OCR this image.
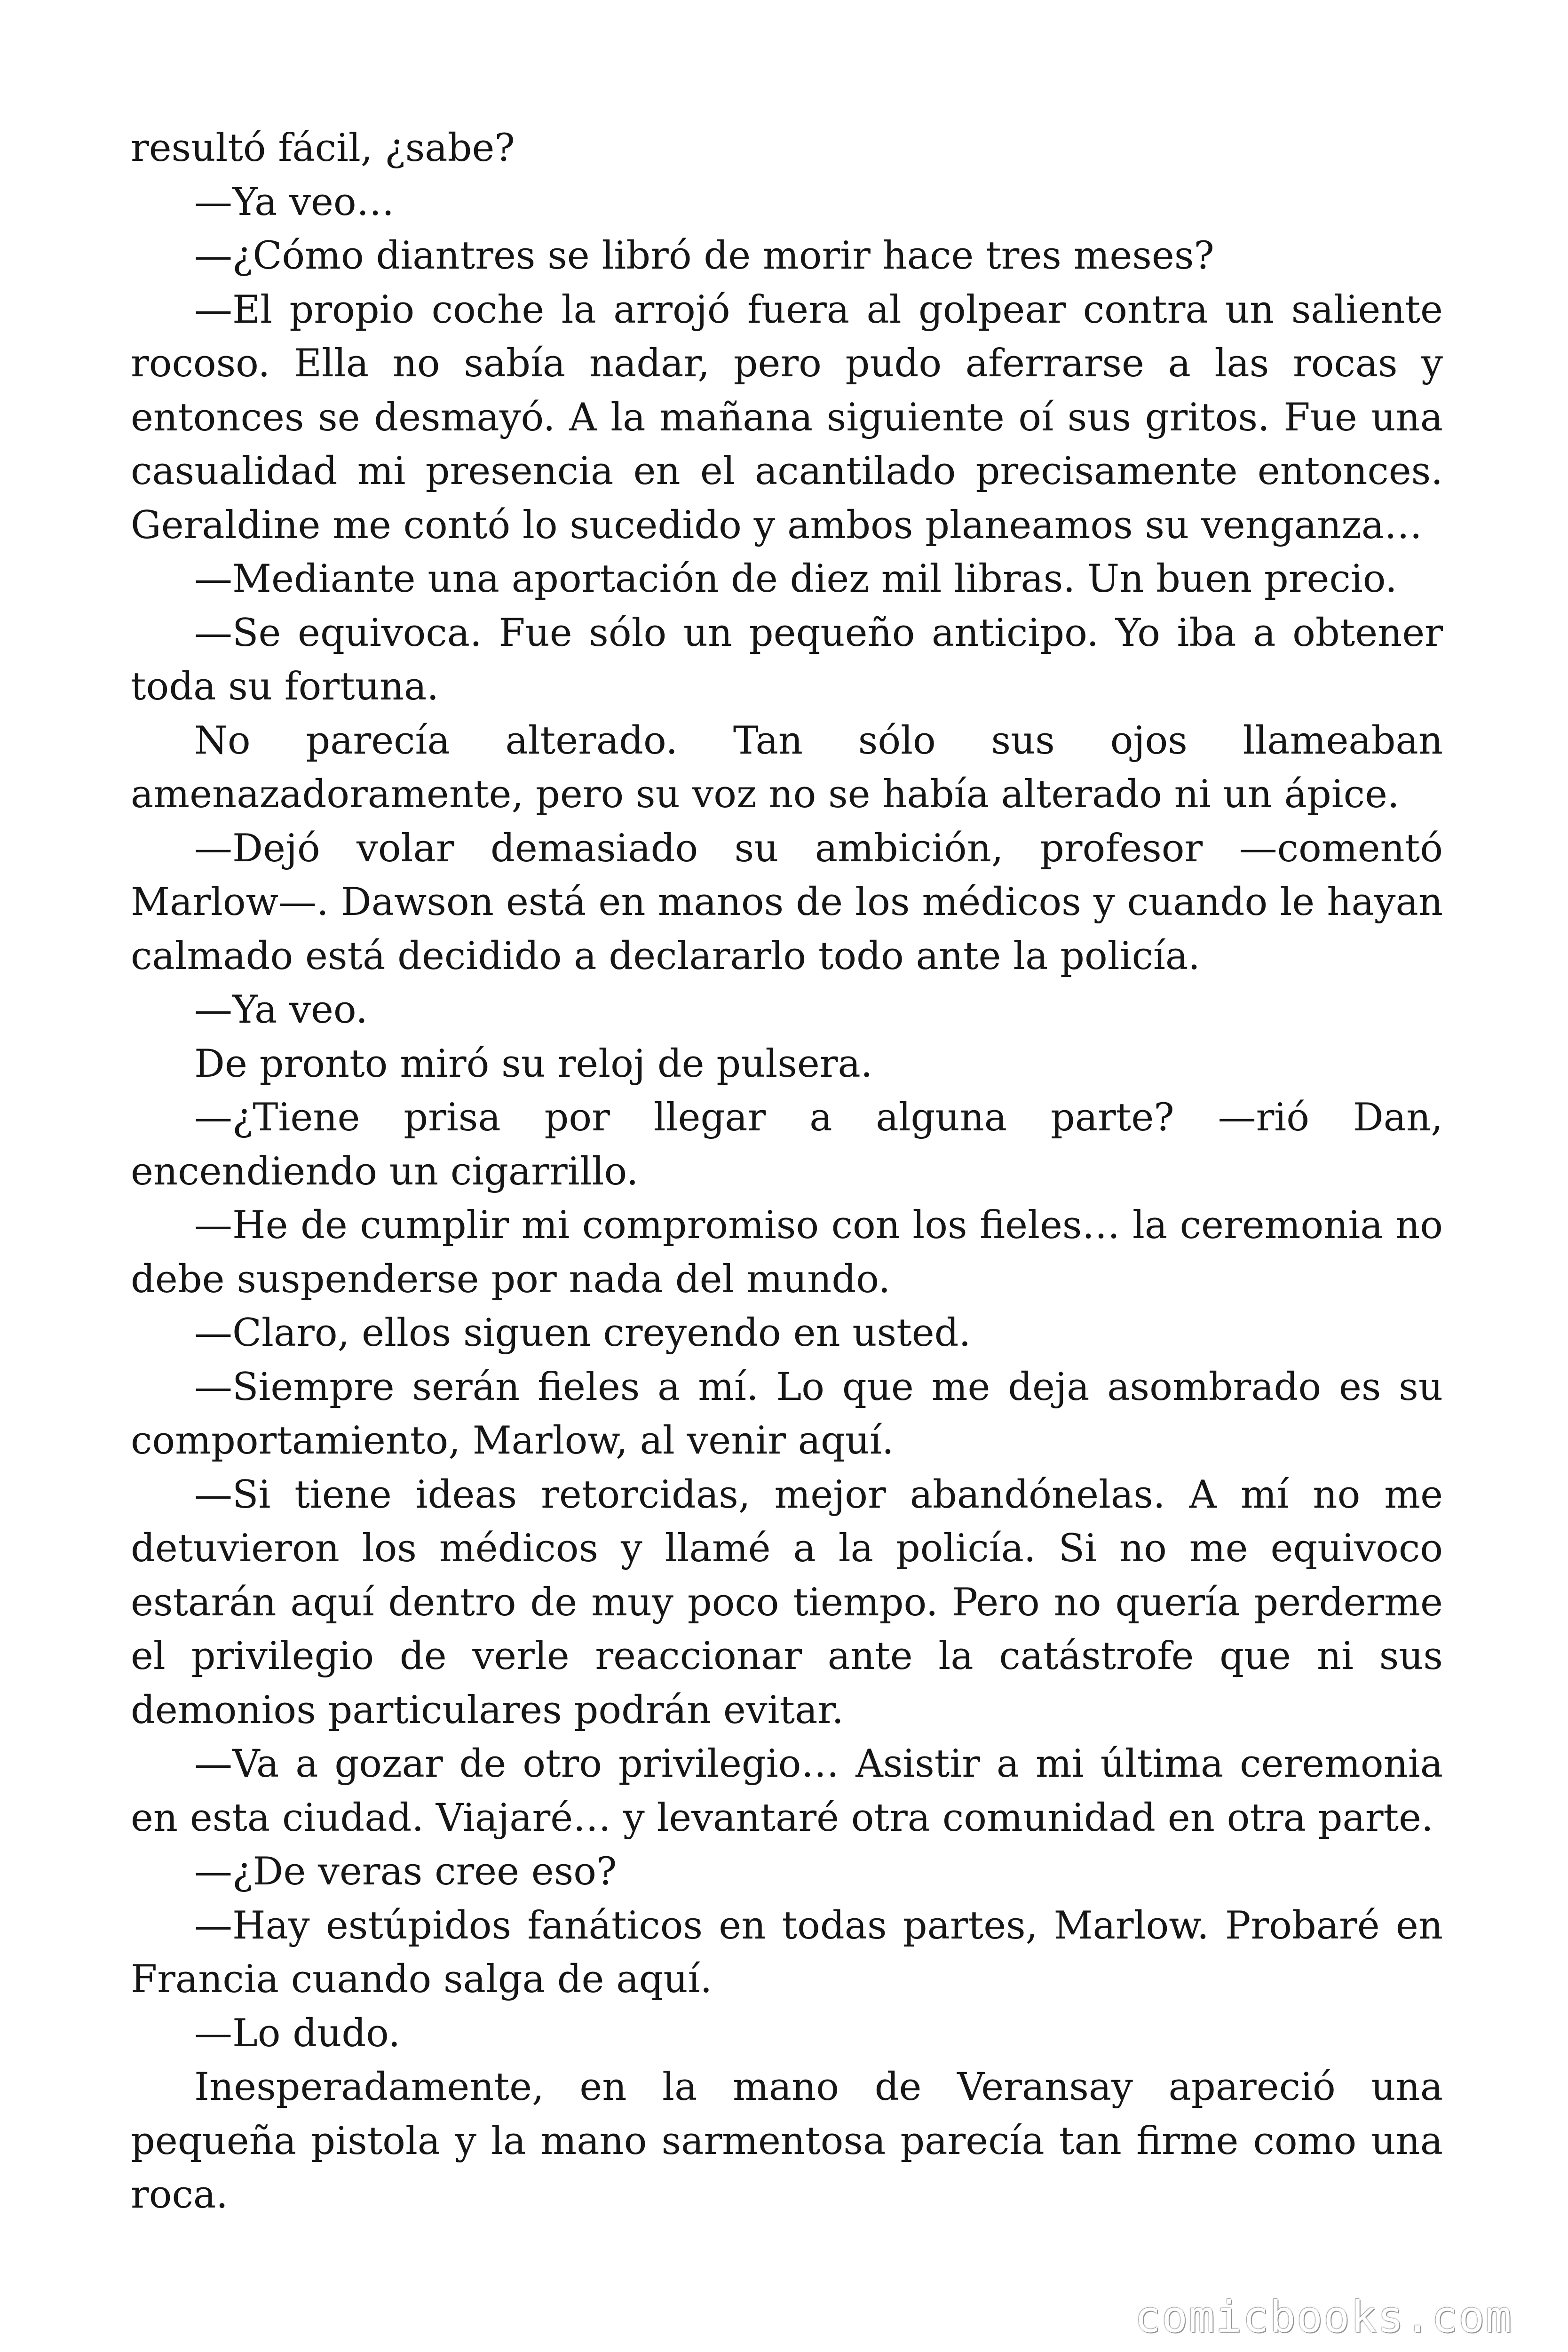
resultó fácil, ¿sabe?

—Ya veo…

—¿Cómo diantres se libró de morir hace tres meses?

—El propio coche la arrojó fuera al golpear contra un saliente rocoso. Ella no sabía nadar, pero pudo aferrarse a las rocas y entonces se desmayó. A la mañana siguiente oí sus gritos. Fue una casualidad mi presencia en el acantilado precisamente entonces. Geraldine me contó lo sucedido y ambos planeamos su venganza…

—Mediante una aportación de diez mil libras. Un buen precio.

—Se equivoca. Fue sólo un pequeño anticipo. Yo iba a obtener toda su fortuna.

No parecía alterado. Tan sólo sus ojos llameaban amenazadoramente, pero su voz no se había alterado ni un ápice.

—Dejó volar demasiado su ambición, profesor —comentó Marlow—. Dawson está en manos de los médicos y cuando le hayan calmado está decidido a declararlo todo ante la policía.

—Ya veo.

De pronto miró su reloj de pulsera.

—¿Tiene prisa por llegar a alguna parte? —rió Dan, encendiendo un cigarrillo.

—He de cumplir mi compromiso con los fieles… la ceremonia no debe suspenderse por nada del mundo.

—Claro, ellos siguen creyendo en usted.

—Siempre serán fieles a mí. Lo que me deja asombrado es su comportamiento, Marlow, al venir aquí.

—Si tiene ideas retorcidas, mejor abandónelas. A mí no me detuvieron los médicos y llamé a la policía. Si no me equivoco estarán aquí dentro de muy poco tiempo. Pero no quería perderme el privilegio de verle reaccionar ante la catástrofe que ni sus demonios particulares podrán evitar.

—Va a gozar de otro privilegio… Asistir a mi última ceremonia en esta ciudad. Viajaré… y levantaré otra comunidad en otra parte.

—¿De veras cree eso?

—Hay estúpidos fanáticos en todas partes, Marlow. Probaré en Francia cuando salga de aquí.

—Lo dudo.

Inesperadamente, en la mano de Veransay apareció una pequeña pistola y la mano sarmentosa parecía tan firme como una roca.

comicbooks.com
